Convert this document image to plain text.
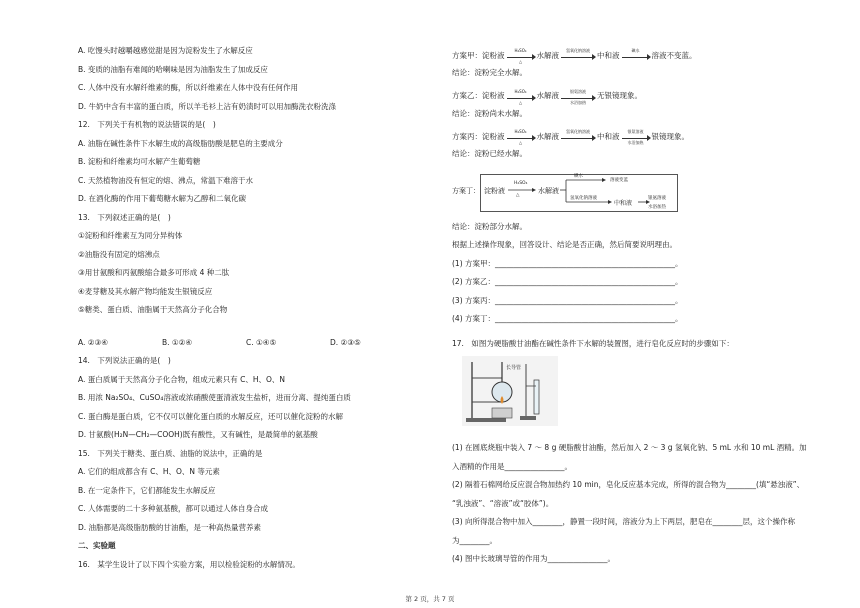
A. 吃馒头时越嚼越感觉甜是因为淀粉发生了水解反应
B. 变质的油脂有难闻的哈喇味是因为油脂发生了加成反应
C. 人体中没有水解纤维素的酶，所以纤维素在人体中没有任何作用
D. 牛奶中含有丰富的蛋白质，所以羊毛衫上沾有奶渍时可以用加酶洗衣粉洗涤
12.　下列关于有机物的说法错误的是(　)
A. 油脂在碱性条件下水解生成的高级脂肪酸是肥皂的主要成分
B. 淀粉和纤维素均可水解产生葡萄糖
C. 天然植物油没有恒定的熔、沸点，常温下难溶于水
D. 在酒化酶的作用下葡萄糖水解为乙醇和二氧化碳
13.　下列叙述正确的是(　)
①淀粉和纤维素互为同分异构体
②油脂没有固定的熔沸点
③用甘氨酸和丙氨酸缩合最多可形成 4 种二肽
④麦芽糖及其水解产物均能发生银镜反应
⑤糖类、蛋白质、油脂属于天然高分子化合物
A. ②③④	B. ①②④	C. ①④⑤	D. ②③⑤
14.　下列说法正确的是(　)
A. 蛋白质属于天然高分子化合物，组成元素只有 C、H、O、N
B. 用浓 Na₂SO₄、CuSO₄溶液或浓硝酸使蛋清液发生盐析，进而分离、提纯蛋白质
C. 蛋白酶是蛋白质，它不仅可以催化蛋白质的水解反应，还可以催化淀粉的水解
D. 甘氨酸(H₂N—CH₂—COOH)既有酸性，又有碱性，是最简单的氨基酸
15.　下列关于糖类、蛋白质、油脂的说法中，正确的是
A. 它们的组成都含有 C、H、O、N 等元素
B. 在一定条件下，它们都能发生水解反应
C. 人体需要的二十多种氨基酸，都可以通过人体自身合成
D. 油脂都是高级脂肪酸的甘油酯，是一种高热量营养素
二、实验题
16.　某学生设计了以下四个实验方案，用以检验淀粉的水解情况。
方案甲： 淀粉液	H₂SO₄
△
水解液	氢氧化钠溶液 中和液	碘水	溶液不变蓝。
结论：淀粉完全水解。
方案乙： 淀粉液	H₂SO₄
△
水解液	银氨溶液
水浴加热
无银镜现象。
结论：淀粉尚未水解。
方案丙： 淀粉液	H₂SO₄
△
水解液	氢氧化钠溶液 中和液	银氨溶液
水浴加热
银镜现象。
结论：淀粉已经水解。
方案丁： 淀粉液
H₂SO₄
△
水解液
碘水
溶液变蓝
氢氧化钠溶液
中和液
银氨溶液
水浴加热
结论：淀粉部分水解。
根据上述操作现象，回答设计、结论是否正确，然后简要说明理由。
(1) 方案甲：________________________________________________。
(2) 方案乙：________________________________________________。
(3) 方案丙：________________________________________________。
(4) 方案丁：________________________________________________。
17.　如图为硬脂酸甘油酯在碱性条件下水解的装置图，进行皂化反应时的步骤如下：
(1) 在圆底烧瓶中装入 7 ～ 8 g 硬脂酸甘油酯，然后加入 2 ～ 3 g 氢氧化钠、5 mL 水和 10 mL 酒精。加
入酒精的作用是________________。
(2) 隔着石棉网给反应混合物加热约 10 min，皂化反应基本完成，所得的混合物为________(填“悬浊液”、
“乳浊液”、“溶液”或“胶体”)。
(3) 向所得混合物中加入________，静置一段时间，溶液分为上下两层，肥皂在________层，这个操作称
为________。
(4) 图中长玻璃导管的作用为________________。
长导管
第 2 页，共 7 页
